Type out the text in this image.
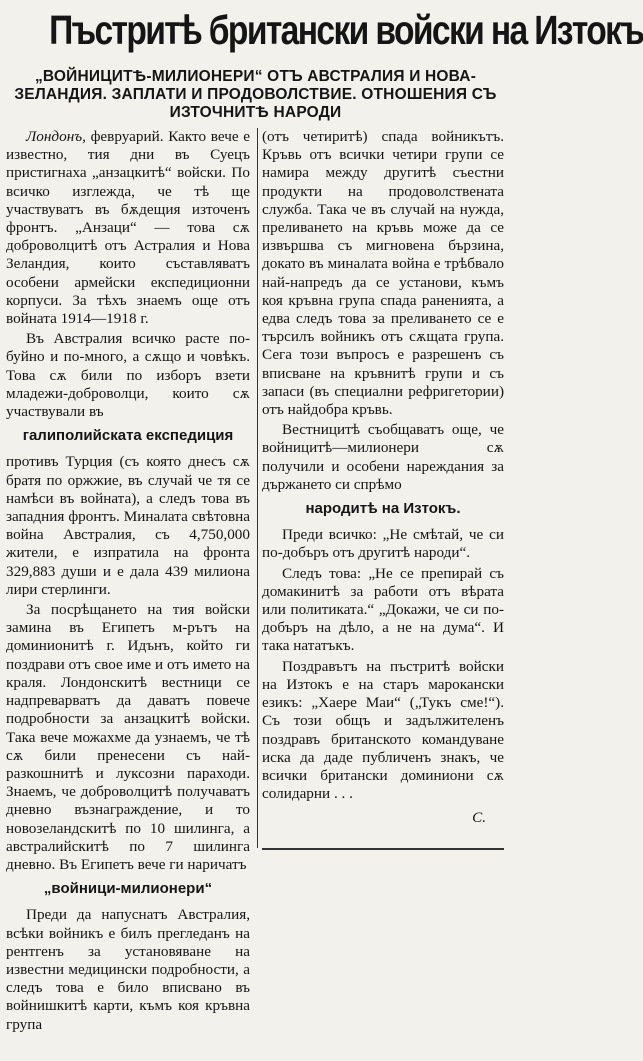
Пъстритѣ британски войски на Изтокъ
„ВОЙНИЦИТѢ-МИЛИОНЕРИ“ ОТЪ АВСТРАЛИЯ И НОВА-ЗЕЛАНДИЯ. ЗАПЛАТИ И ПРОДОВОЛСТВИЕ. ОТНОШЕНИЯ СЪ ИЗТОЧНИТѢ НАРОДИ

Лондонъ, февруарий. Както вече е известно, тия дни въ Суецъ пристигнаха „анзацкитѣ“ войски. По всичко изглежда, че тѣ ще участвуватъ въ бѫдещия източенъ фронтъ. „Анзаци“ — това сѫ доброволцитѣ отъ Астралия и Нова Зеландия, които съставляватъ особени армейски експедиционни корпуси. За тѣхъ знаемъ още отъ войната 1914—1918 г.

Въ Австралия всичко расте по-буйно и по-много, а сѫщо и човѣкъ. Това сѫ били по изборъ взети младежи-доброволци, които сѫ участвували въ

галиполийската експедиция

противъ Турция (съ която днесъ сѫ братя по оржжие, въ случай че тя се намѣси въ войната), а следъ това въ западния фронтъ. Миналата свѣтовна война Австралия, съ 4,750,000 жители, е изпратила на фронта 329,883 души и е дала 439 милиона лири стерлинги.

За посрѣщането на тия войски замина въ Египетъ м-рътъ на доминионитѣ г. Идънъ, който ги поздрави отъ свое име и отъ името на краля. Лондонскитѣ вестници се надпреварватъ да даватъ повече подробности за анзацкитѣ войски. Така вече можахме да узнаемъ, че тѣ сѫ били пренесени съ най-разкошнитѣ и луксозни параходи. Знаемъ, че доброволцитѣ получаватъ дневно възнаграждение, и то новозеландскитѣ по 10 шилинга, а австралийскитѣ по 7 шилинга дневно. Въ Египетъ вече ги наричатъ

„войници-милионери“

Преди да напуснатъ Австралия, всѣки войникъ е билъ прегледанъ на рентгенъ за установяване на известни медицински подробности, а следъ това е било вписвано въ войнишкитѣ карти, къмъ коя кръвна група

(отъ четиритѣ) спада войникътъ. Кръвь отъ всички четири групи се намира между другитѣ съестни продукти на продоволствената служба. Така че въ случай на нужда, преливането на кръвь може да се извършва съ мигновена бързина, докато въ миналата война е трѣбвало най-напредъ да се установи, къмъ коя кръвна група спада раненията, а едва следъ това за преливането се е търсилъ войникъ отъ сѫщата група. Сега този въпросъ е разрешенъ съ вписване на кръвнитѣ групи и съ запаси (въ специални рефригетории) отъ найдобра кръвь.

Вестницитѣ съобщаватъ още, че войницитѣ—милионери сѫ получили и особени нареждания за държането си спрѣмо

народитѣ на Изтокъ.

Преди всичко: „Не смѣтай, че си по-добъръ отъ другитѣ народи“.

Следъ това: „Не се препирай съ домакинитѣ за работи отъ вѣрата или политиката.“ „Докажи, че си по-добъръ на дѣло, а не на дума“. И така нататъкъ.

Поздравътъ на пъстритѣ войски на Изтокъ е на старъ марокански езикъ: „Хаере Маи“ („Тукъ сме!“). Съ този общъ и задължителенъ поздравъ британското командуване иска да даде публиченъ знакъ, че всички британски доминиони сѫ солидарни . . .

С.
